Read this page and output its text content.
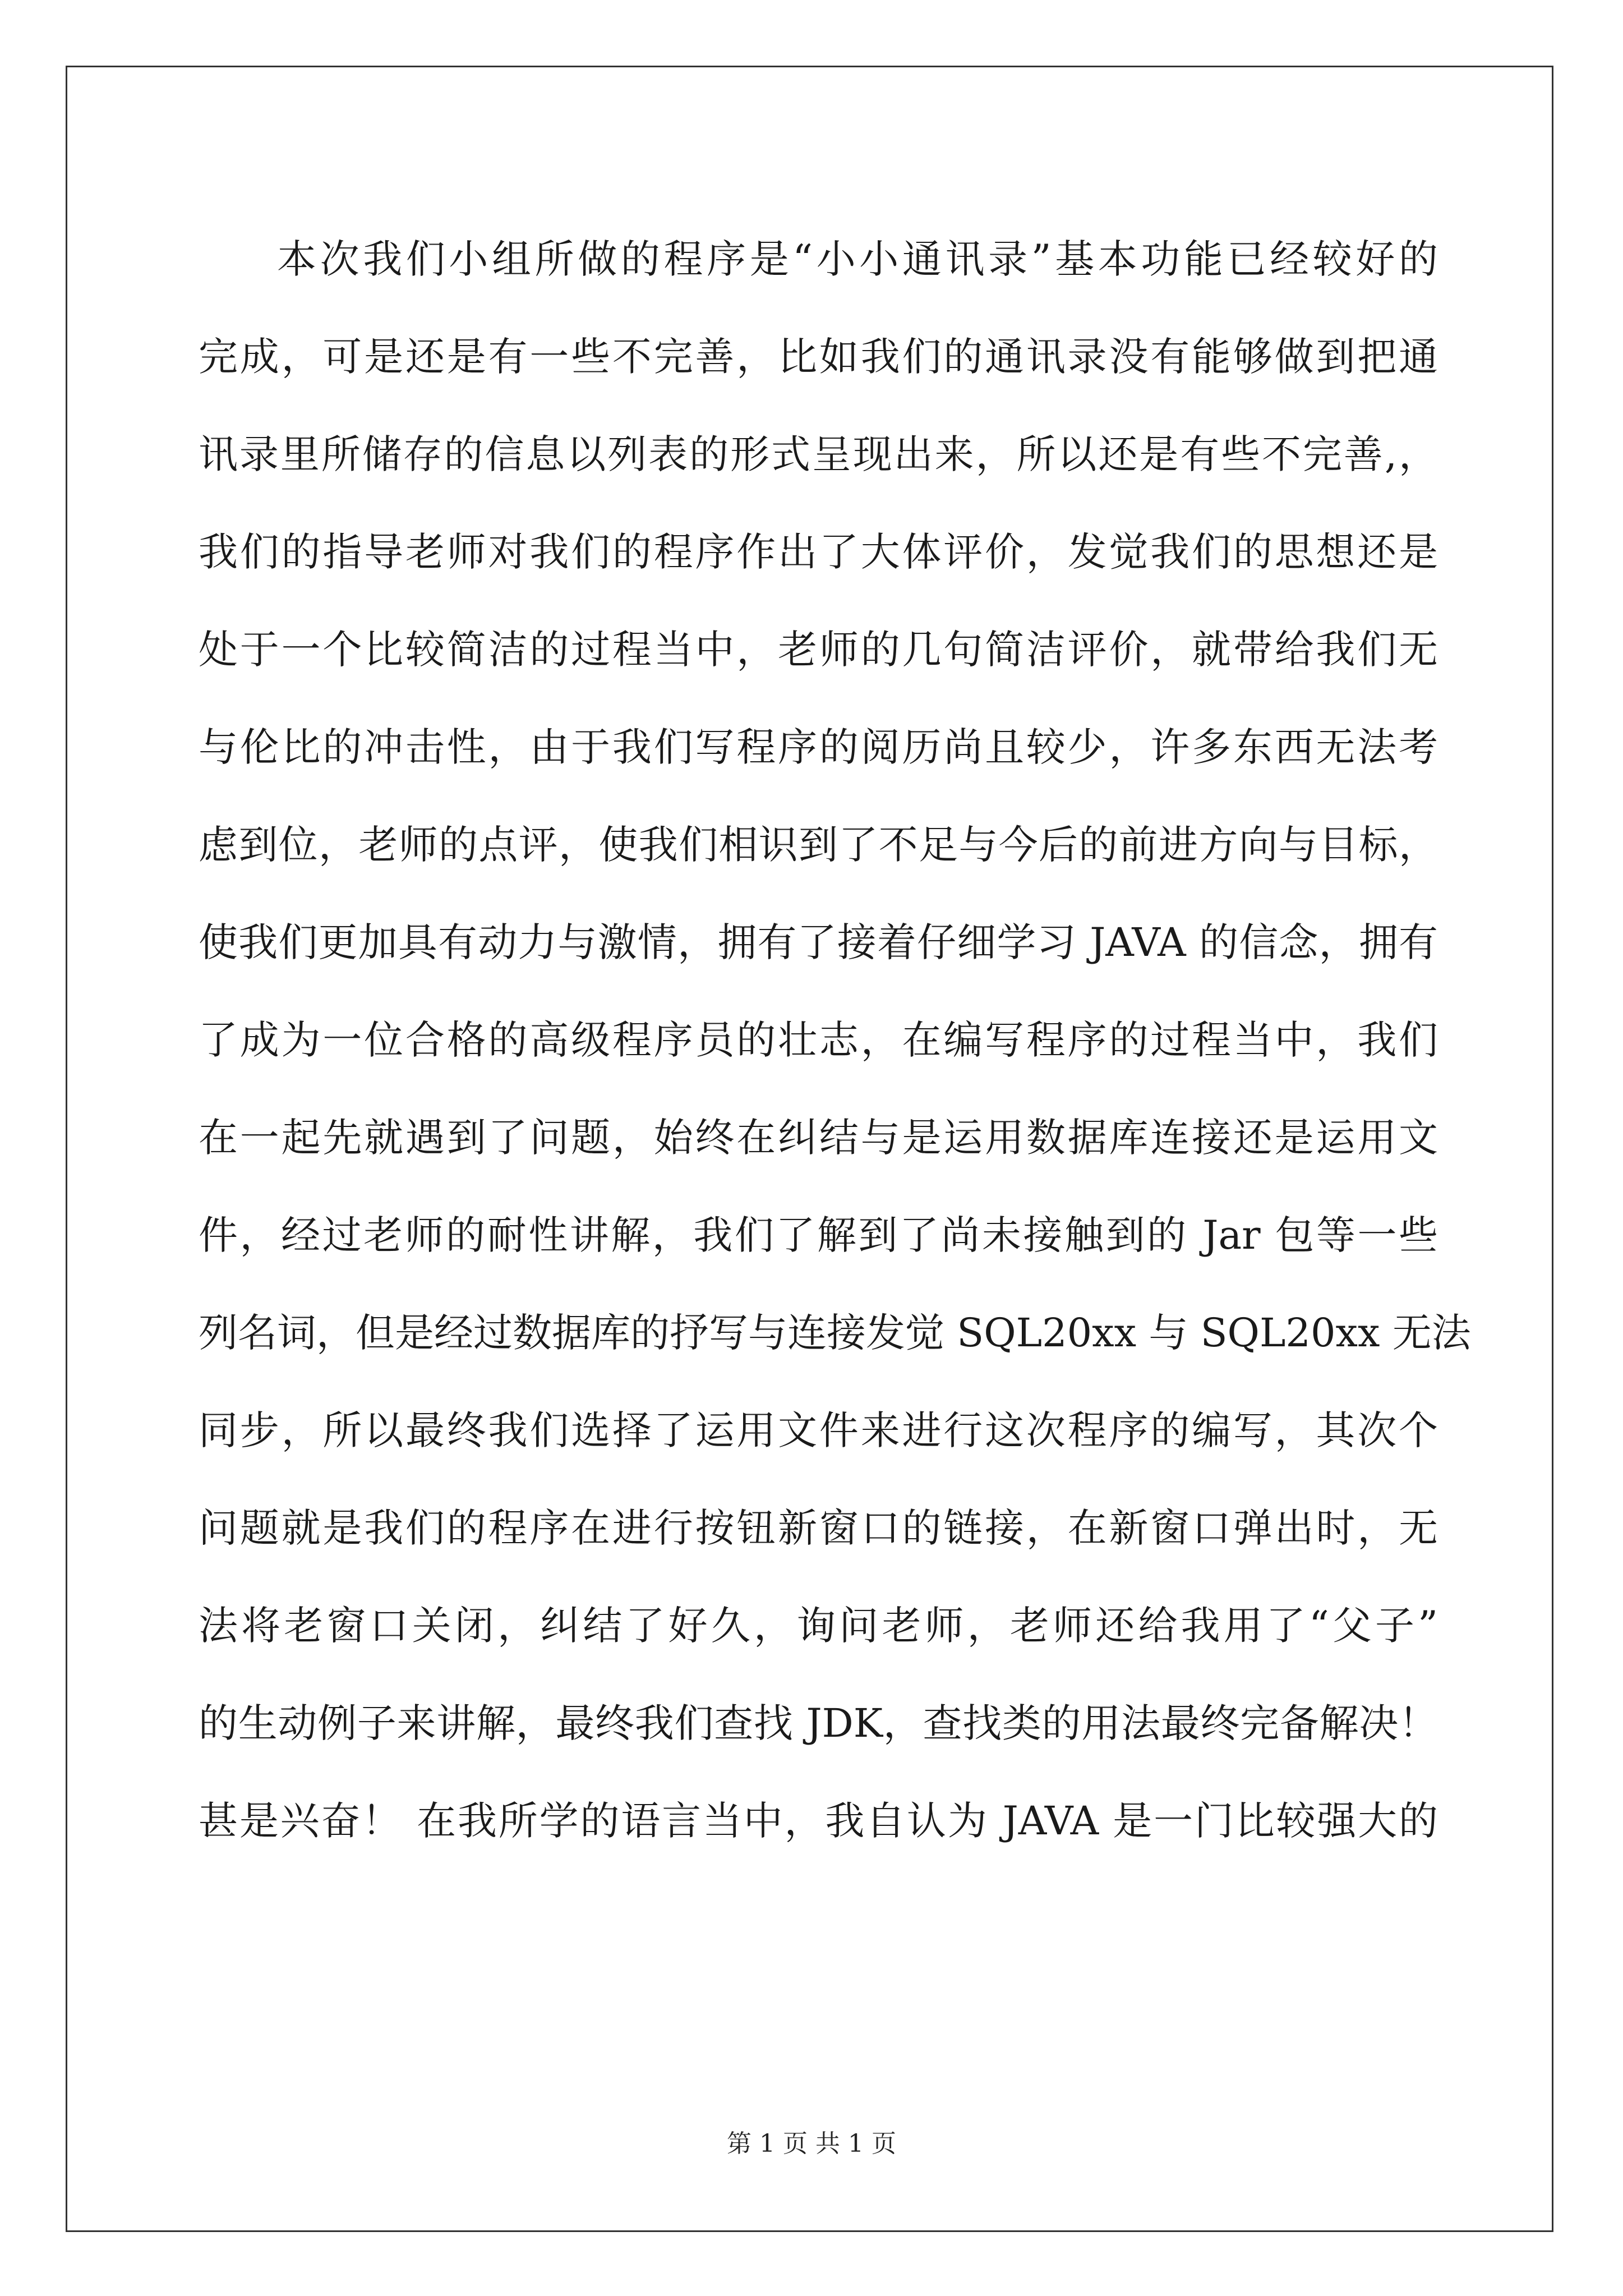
本次我们小组所做的程序是“小小通讯录”基本功能已经较好的
完成，可是还是有一些不完善，比如我们的通讯录没有能够做到把通
讯录里所储存的信息以列表的形式呈现出来，所以还是有些不完善,，
我们的指导老师对我们的程序作出了大体评价，发觉我们的思想还是
处于一个比较简洁的过程当中，老师的几句简洁评价，就带给我们无
与伦比的冲击性，由于我们写程序的阅历尚且较少，许多东西无法考
虑到位，老师的点评，使我们相识到了不足与今后的前进方向与目标，
使我们更加具有动力与激情，拥有了接着仔细学习 JAVA 的信念，拥有
了成为一位合格的高级程序员的壮志，在编写程序的过程当中，我们
在一起先就遇到了问题，始终在纠结与是运用数据库连接还是运用文
件，经过老师的耐性讲解，我们了解到了尚未接触到的 Jar 包等一些
列名词，但是经过数据库的抒写与连接发觉 SQL20xx 与 SQL20xx 无法
同步，所以最终我们选择了运用文件来进行这次程序的编写，其次个
问题就是我们的程序在进行按钮新窗口的链接，在新窗口弹出时，无
法将老窗口关闭，纠结了好久，询问老师，老师还给我用了“父子”
的生动例子来讲解，最终我们查找 JDK，查找类的用法最终完备解决！
甚是兴奋！ 在我所学的语言当中，我自认为 JAVA 是一门比较强大的
第 1 页 共 1 页
